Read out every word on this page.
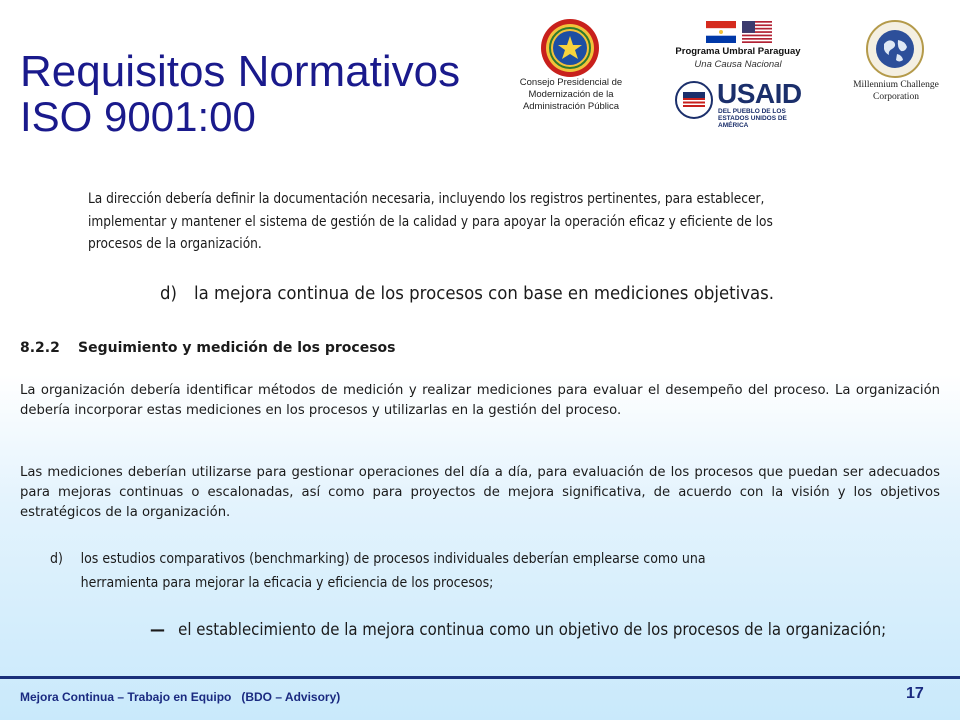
Requisitos Normativos
ISO 9001:00
Consejo Presidencial de Modernización de la Administración Pública
Programa Umbral Paraguay
Una Causa Nacional
USAID
DEL PUEBLO DE LOS ESTADOS UNIDOS DE AMÉRICA
Millennium Challenge Corporation
La dirección debería definir la documentación necesaria, incluyendo los registros pertinentes, para establecer, implementar y mantener el sistema de gestión de la calidad y para apoyar la operación eficaz y eficiente de los procesos de la organización.
d) la mejora continua de los procesos con base en mediciones objetivas.
8.2.2 Seguimiento y medición de los procesos
La organización debería identificar métodos de medición y realizar mediciones para evaluar el desempeño del proceso. La organización debería incorporar estas mediciones en los procesos y utilizarlas en la gestión del proceso.
Las mediciones deberían utilizarse para gestionar operaciones del día a día, para evaluación de los procesos que puedan ser adecuados para mejoras continuas o escalonadas, así como para proyectos de mejora significativa, de acuerdo con la visión y los objetivos estratégicos de la organización.
d) los estudios comparativos (benchmarking) de procesos individuales deberían emplearse como una herramienta para mejorar la eficacia y eficiencia de los procesos;
— el establecimiento de la mejora continua como un objetivo de los procesos de la organización;
Mejora Continua – Trabajo en Equipo   (BDO – Advisory)	17
